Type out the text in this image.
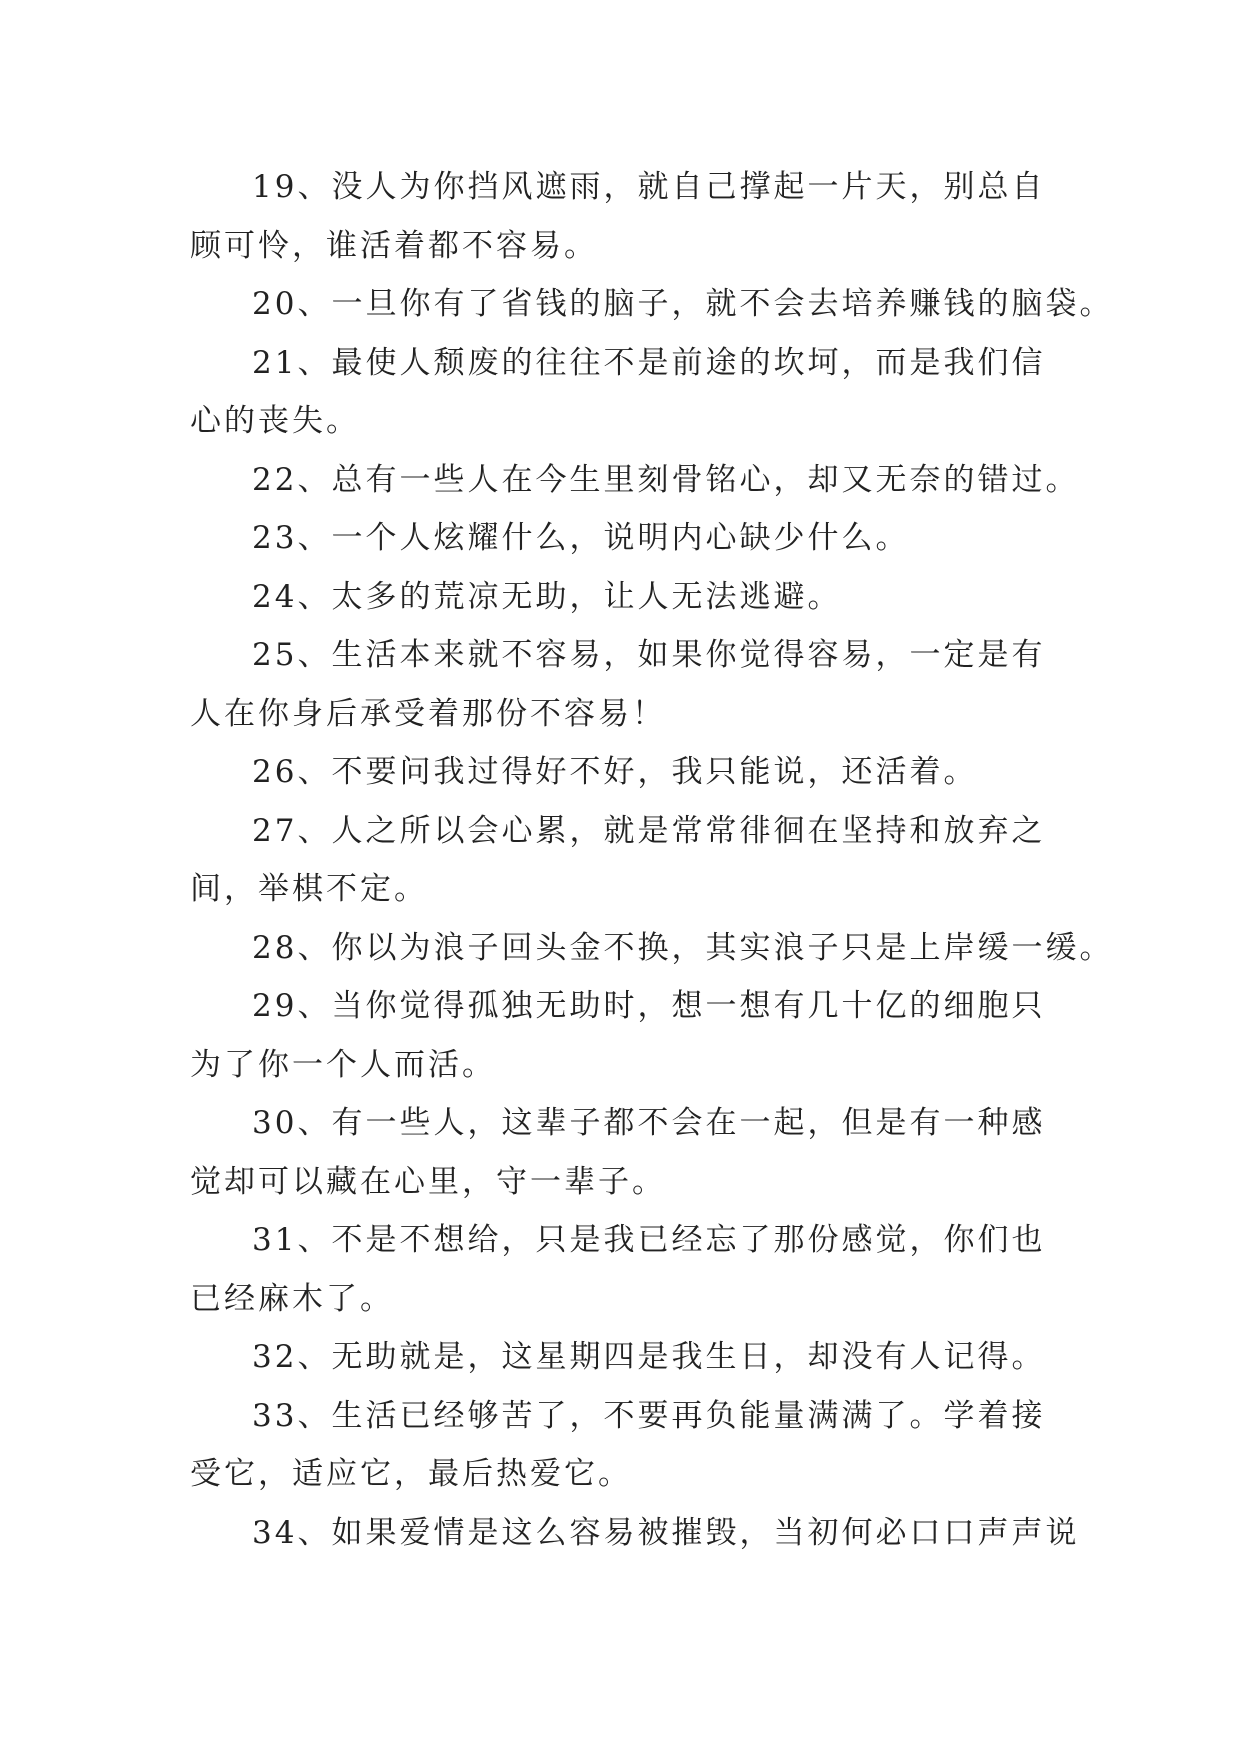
19、没人为你挡风遮雨，就自己撑起一片天，别总自顾可怜，谁活着都不容易。

20、一旦你有了省钱的脑子，就不会去培养赚钱的脑袋。

21、最使人颓废的往往不是前途的坎坷，而是我们信心的丧失。

22、总有一些人在今生里刻骨铭心，却又无奈的错过。

23、一个人炫耀什么，说明内心缺少什么。

24、太多的荒凉无助，让人无法逃避。

25、生活本来就不容易，如果你觉得容易，一定是有人在你身后承受着那份不容易！

26、不要问我过得好不好，我只能说，还活着。

27、人之所以会心累，就是常常徘徊在坚持和放弃之间，举棋不定。

28、你以为浪子回头金不换，其实浪子只是上岸缓一缓。

29、当你觉得孤独无助时，想一想有几十亿的细胞只为了你一个人而活。

30、有一些人，这辈子都不会在一起，但是有一种感觉却可以藏在心里，守一辈子。

31、不是不想给，只是我已经忘了那份感觉，你们也已经麻木了。

32、无助就是，这星期四是我生日，却没有人记得。

33、生活已经够苦了，不要再负能量满满了。学着接受它，适应它，最后热爱它。

34、如果爱情是这么容易被摧毁，当初何必口口声声说
